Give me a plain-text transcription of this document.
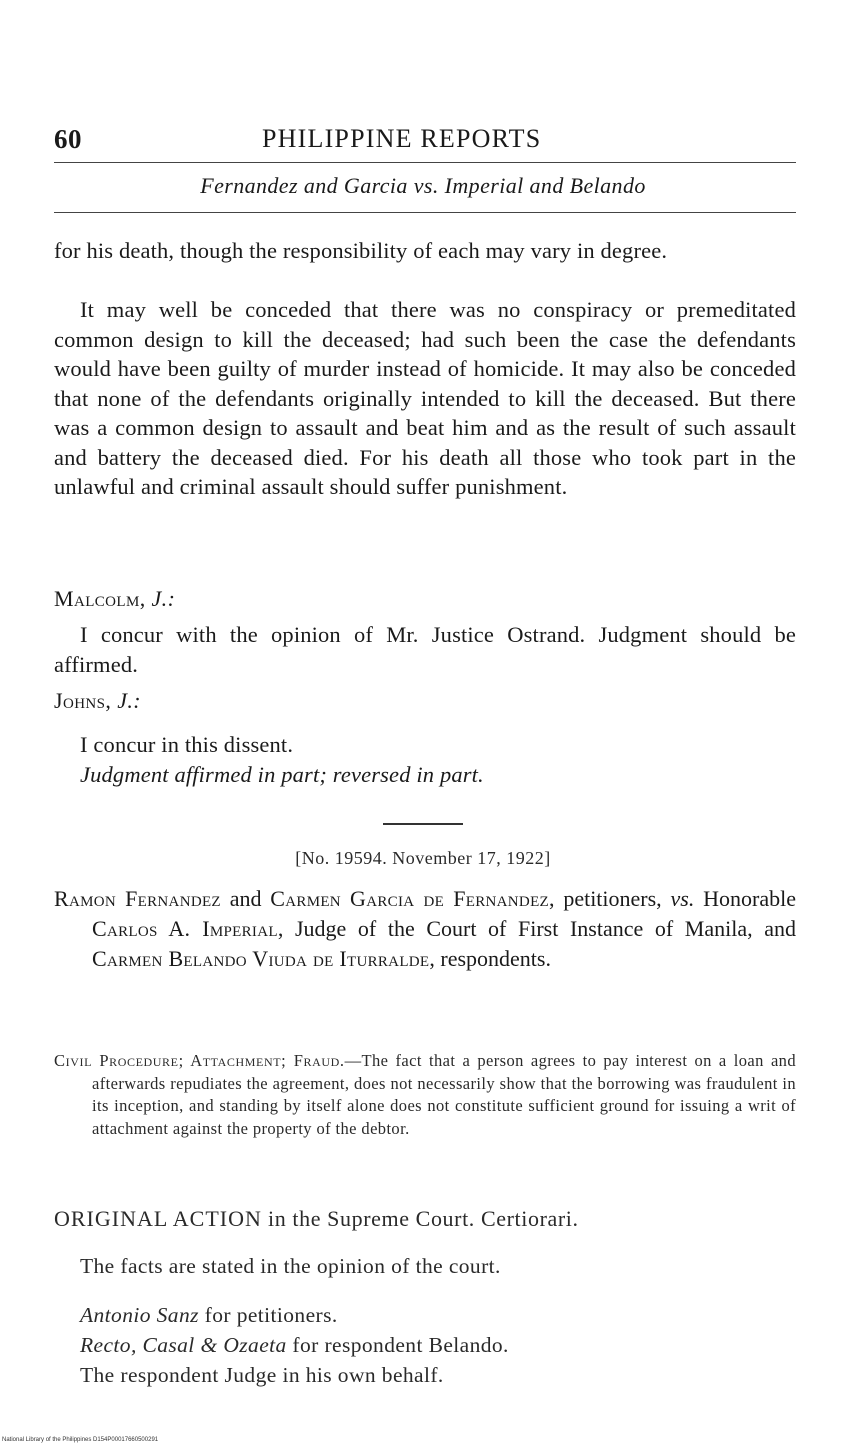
60	PHILIPPINE REPORTS
Fernandez and Garcia vs. Imperial and Belando
for his death, though the responsibility of each may vary in degree.
It may well be conceded that there was no conspiracy or premeditated common design to kill the deceased; had such been the case the defendants would have been guilty of murder instead of homicide. It may also be conceded that none of the defendants originally intended to kill the deceased. But there was a common design to assault and beat him and as the result of such assault and battery the deceased died. For his death all those who took part in the unlawful and criminal assault should suffer punishment.
Malcolm, J.:
I concur with the opinion of Mr. Justice Ostrand. Judgment should be affirmed.
Johns, J.:
I concur in this dissent.
Judgment affirmed in part; reversed in part.
[No. 19594. November 17, 1922]
Ramon Fernandez and Carmen Garcia de Fernandez, petitioners, vs. Honorable Carlos A. Imperial, Judge of the Court of First Instance of Manila, and Carmen Belando Viuda de Iturralde, respondents.
Civil Procedure; Attachment; Fraud.—The fact that a person agrees to pay interest on a loan and afterwards repudiates the agreement, does not necessarily show that the borrowing was fraudulent in its inception, and standing by itself alone does not constitute sufficient ground for issuing a writ of attachment against the property of the debtor.
ORIGINAL ACTION in the Supreme Court. Certiorari.
The facts are stated in the opinion of the court.
Antonio Sanz for petitioners.
Recto, Casal & Ozaeta for respondent Belando.
The respondent Judge in his own behalf.
National Library of the Philippines D154P00017660500291
